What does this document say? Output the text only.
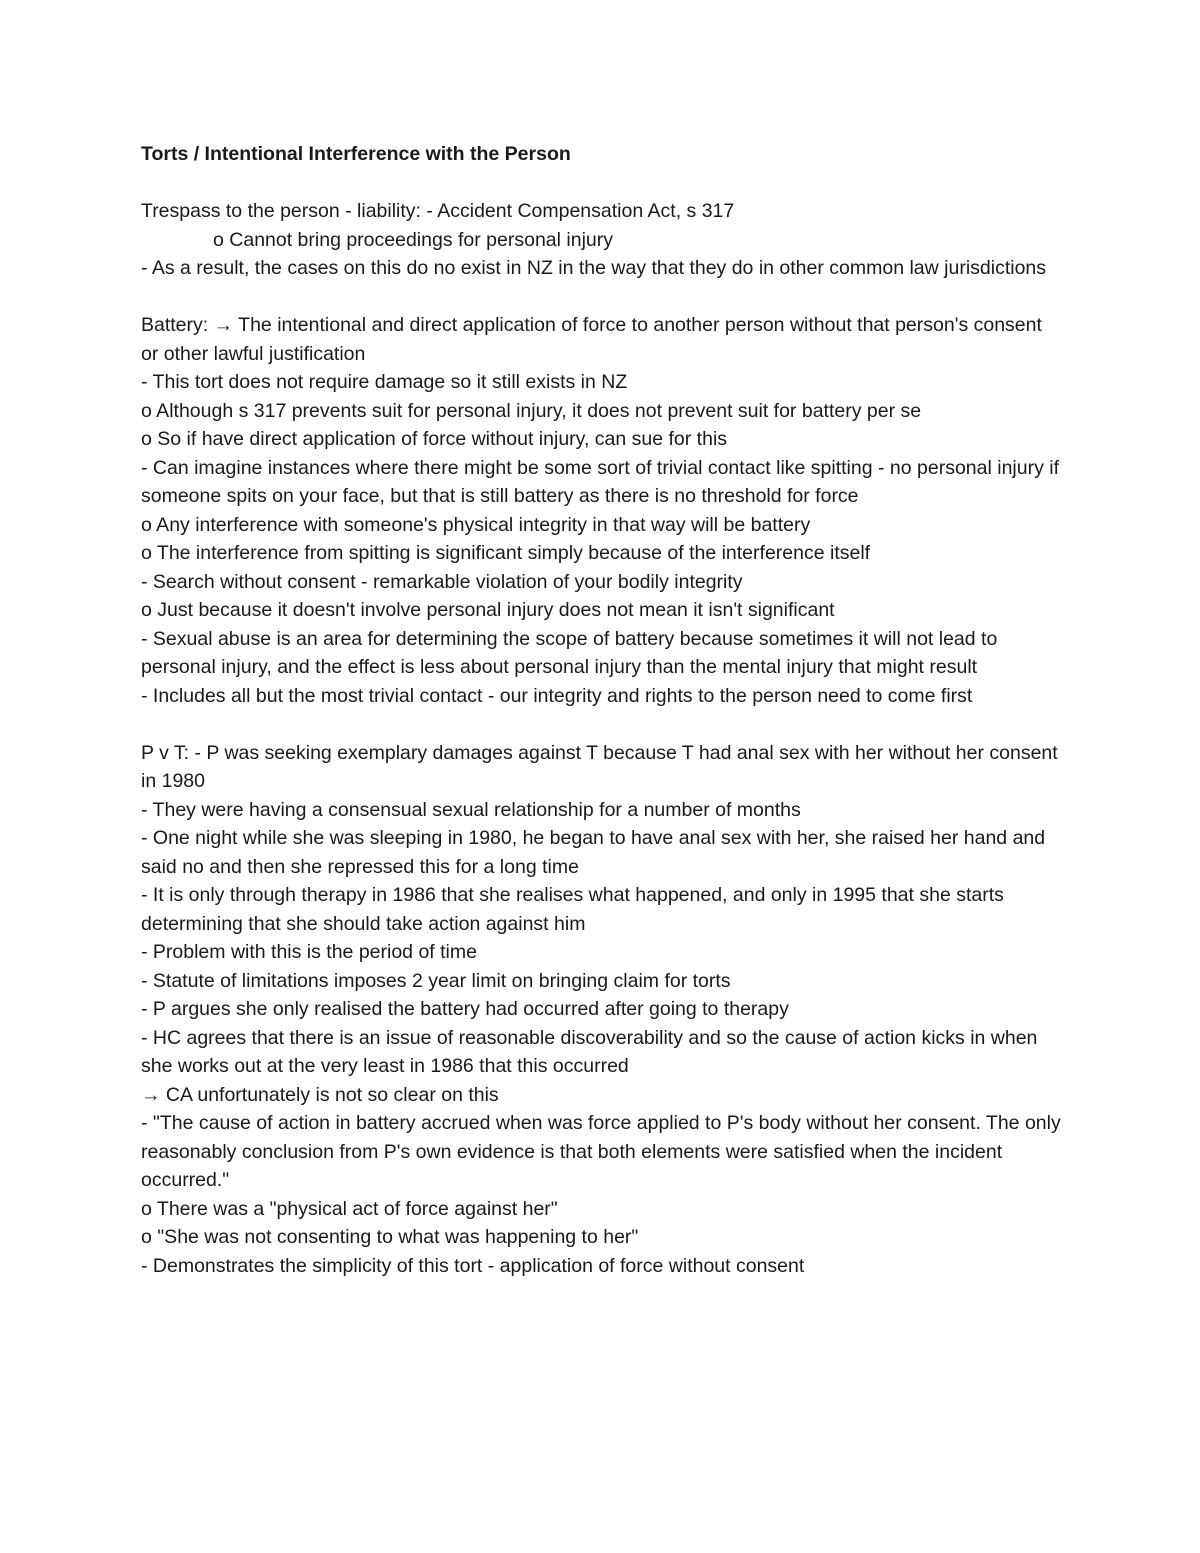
Torts / Intentional Interference with the Person

Trespass to the person - liability: - Accident Compensation Act, s 317

o Cannot bring proceedings for personal injury

- As a result, the cases on this do no exist in NZ in the way that they do in other common law jurisdictions

Battery: → The intentional and direct application of force to another person without that person's consent or other lawful justification

- This tort does not require damage so it still exists in NZ

o Although s 317 prevents suit for personal injury, it does not prevent suit for battery per se

o So if have direct application of force without injury, can sue for this

- Can imagine instances where there might be some sort of trivial contact like spitting - no personal injury if someone spits on your face, but that is still battery as there is no threshold for force

o Any interference with someone's physical integrity in that way will be battery

o The interference from spitting is significant simply because of the interference itself

- Search without consent - remarkable violation of your bodily integrity

o Just because it doesn't involve personal injury does not mean it isn't significant

- Sexual abuse is an area for determining the scope of battery because sometimes it will not lead to personal injury, and the effect is less about personal injury than the mental injury that might result

- Includes all but the most trivial contact - our integrity and rights to the person need to come first

P v T: - P was seeking exemplary damages against T because T had anal sex with her without her consent in 1980

- They were having a consensual sexual relationship for a number of months

- One night while she was sleeping in 1980, he began to have anal sex with her, she raised her hand and said no and then she repressed this for a long time

- It is only through therapy in 1986 that she realises what happened, and only in 1995 that she starts determining that she should take action against him

- Problem with this is the period of time

- Statute of limitations imposes 2 year limit on bringing claim for torts

- P argues she only realised the battery had occurred after going to therapy

- HC agrees that there is an issue of reasonable discoverability and so the cause of action kicks in when she works out at the very least in 1986 that this occurred

→ CA unfortunately is not so clear on this

- "The cause of action in battery accrued when was force applied to P's body without her consent. The only reasonably conclusion from P's own evidence is that both elements were satisfied when the incident occurred."

o There was a "physical act of force against her"

o "She was not consenting to what was happening to her"

- Demonstrates the simplicity of this tort - application of force without consent
